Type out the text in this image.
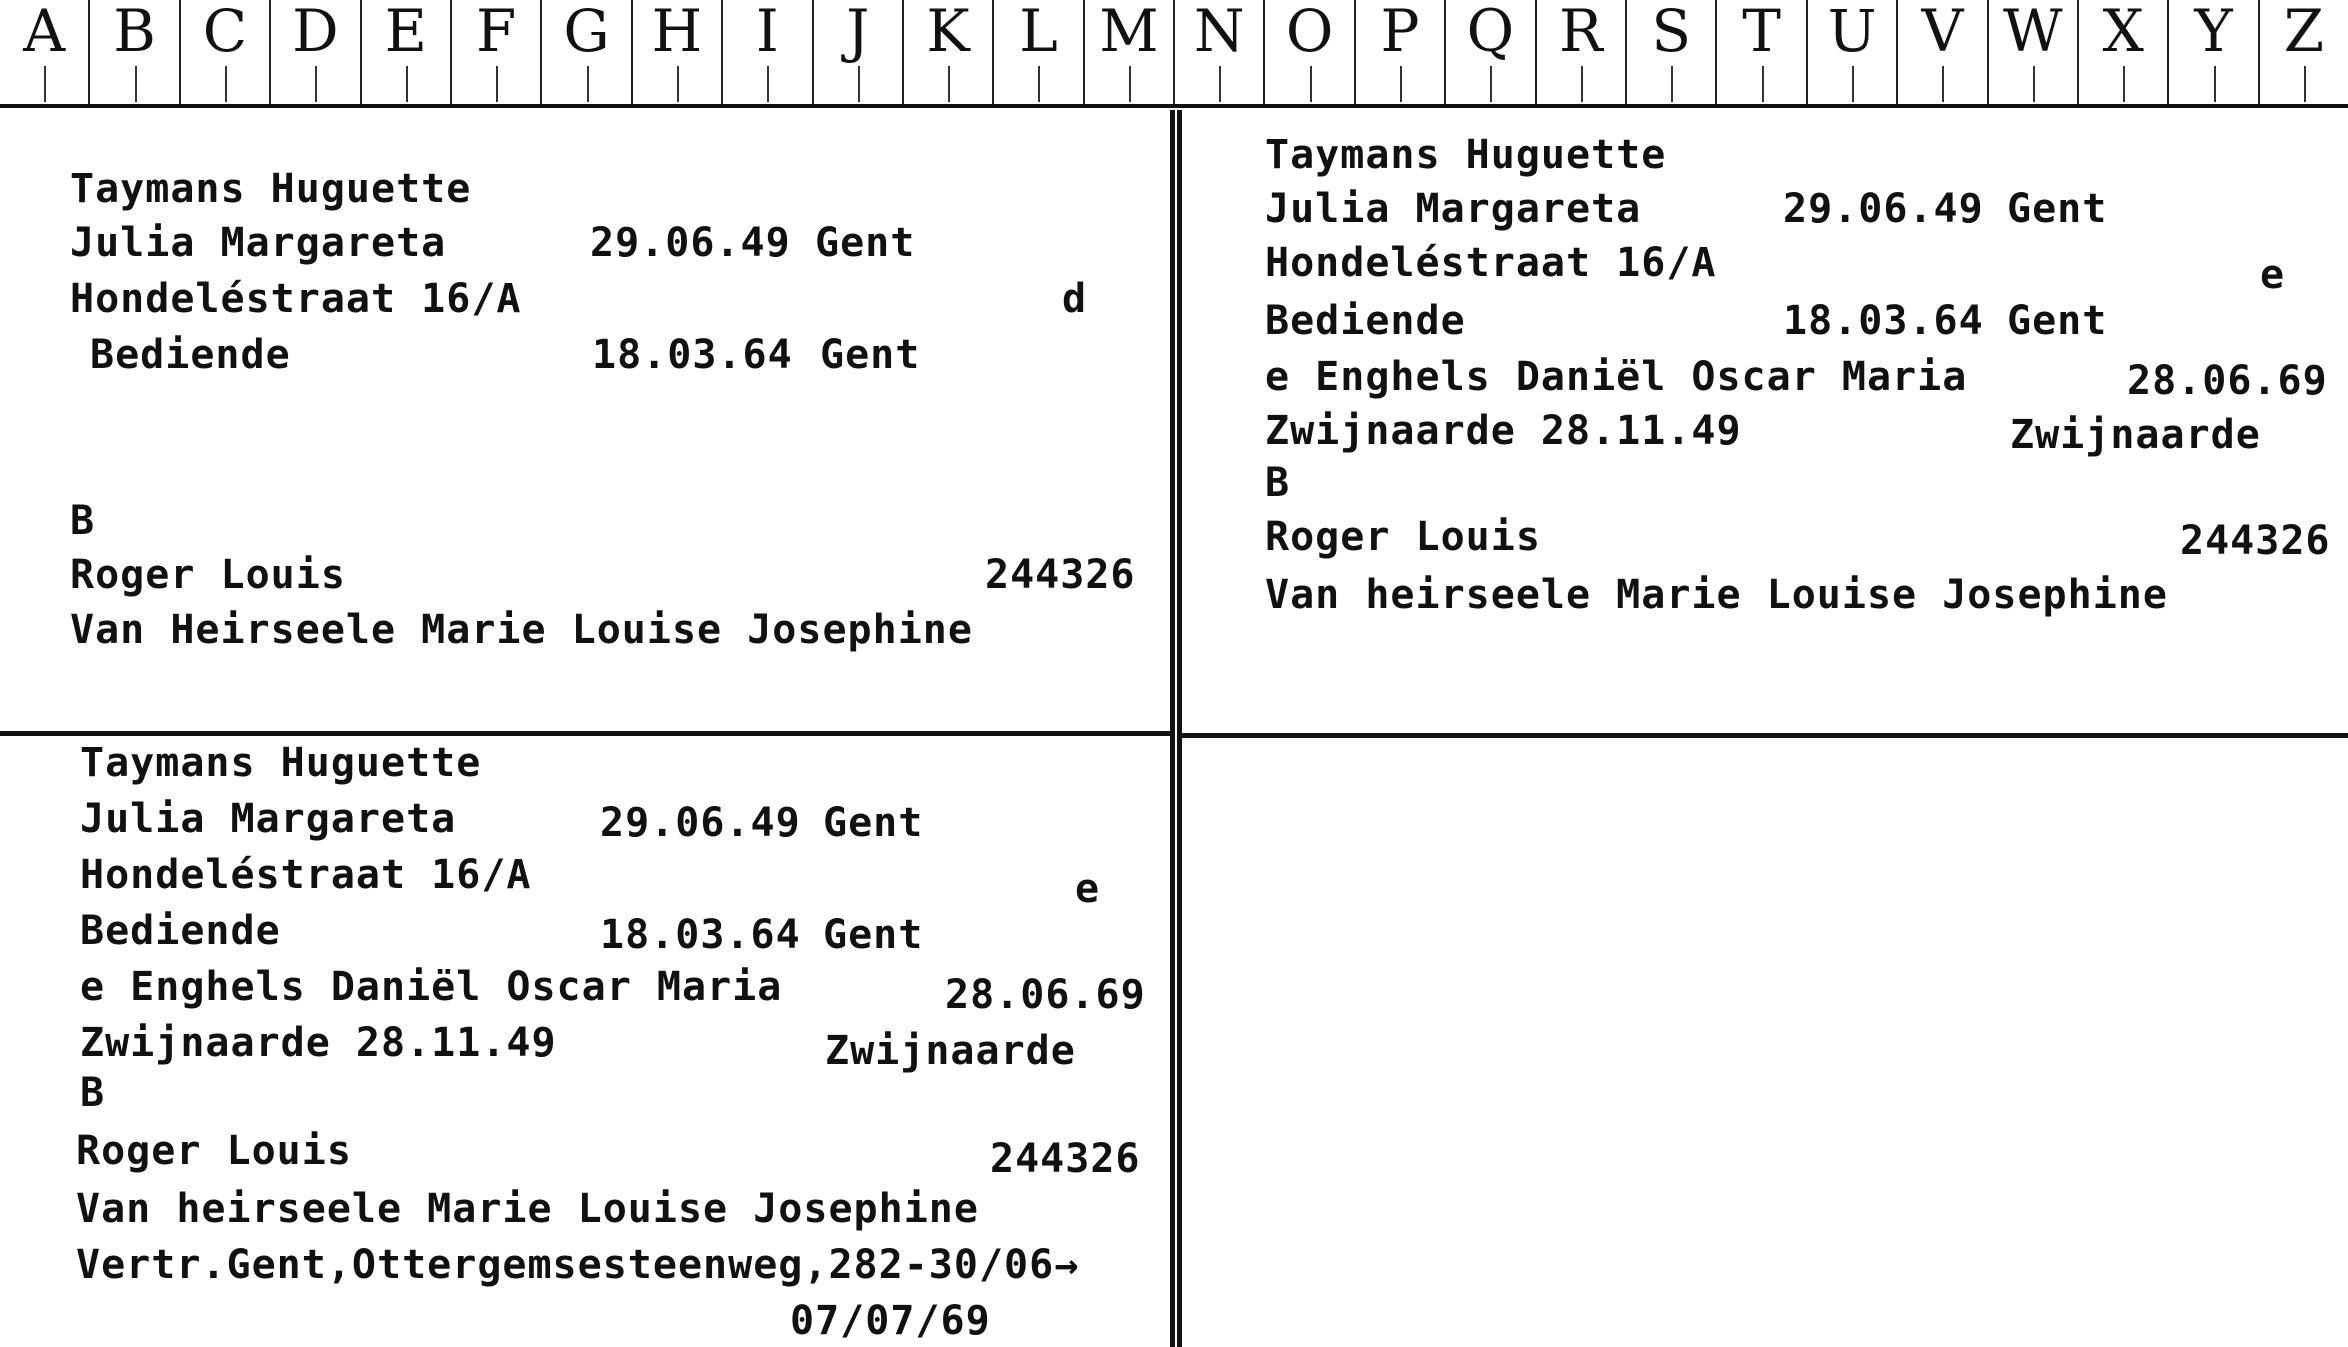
A B C D E F G H I	J K L M N O P Q R S T U V W X Y Z
Taymans Huguette
Julia Margareta	29.06.49 Gent
Hondeléstraat 16/A	d
Bediende	18.03.64 Gent
B
Roger Louis	244326
Van Heirseele Marie Louise Josephine
Taymans Huguette
Julia Margareta	29.06.49 Gent
Hondeléstraat 16/A	e
Bediende	18.03.64 Gent
e Enghels Daniël Oscar Maria	28.06.69
Zwijnaarde 28.11.49	Zwijnaarde
B
Roger Louis	244326
Van heirseele Marie Louise Josephine
Taymans Huguette
Julia Margareta	29.06.49 Gent
Hondeléstraat 16/A	e
Bediende	18.03.64 Gent
e Enghels Daniël Oscar Maria	28.06.69
Zwijnaarde 28.11.49	Zwijnaarde
B
Roger Louis	244326
Van heirseele Marie Louise Josephine
Vertr.Gent,Ottergemsesteenweg,282-30/06→
07/07/69
